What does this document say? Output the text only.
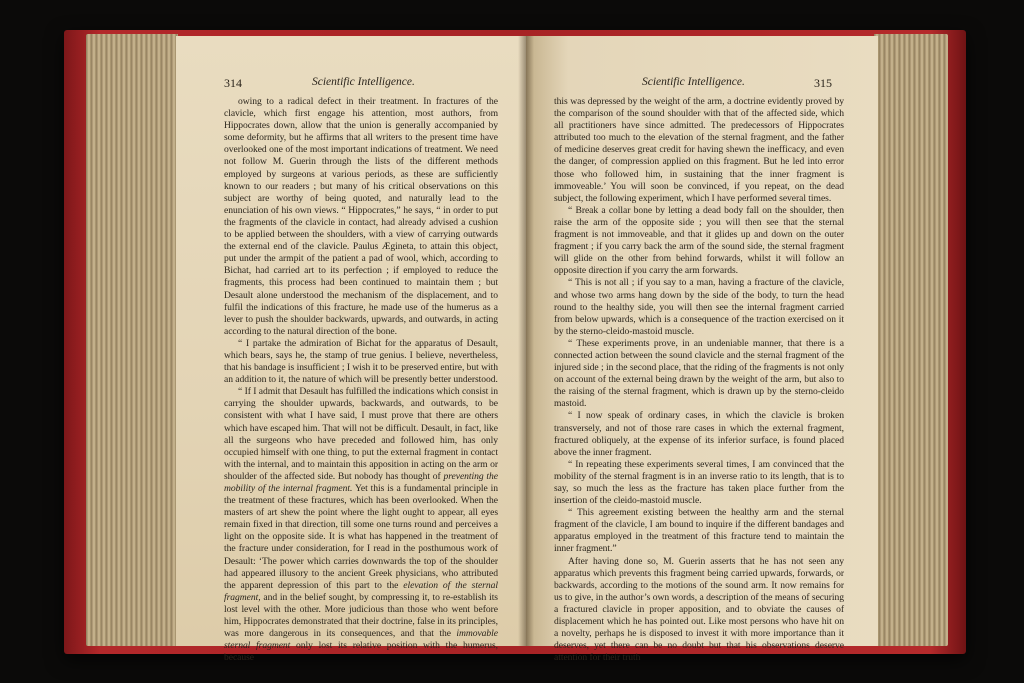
314	Scientific Intelligence.

owing to a radical defect in their treatment. In fractures of the clavicle, which first engage his attention, most authors, from Hippocrates down, allow that the union is generally accompanied by some deformity, but he affirms that all writers to the present time have overlooked one of the most important indications of treatment. We need not follow M. Guerin through the lists of the different methods employed by surgeons at various periods, as these are sufficiently known to our readers ; but many of his critical observations on this subject are worthy of being quoted, and naturally lead to the enunciation of his own views. “ Hippocrates,” he says, “ in order to put the fragments of the clavicle in contact, had already advised a cushion to be applied between the shoulders, with a view of carrying outwards the external end of the clavicle. Paulus Ægineta, to attain this object, put under the armpit of the patient a pad of wool, which, according to Bichat, had carried art to its perfection ; if employed to reduce the fragments, this process had been continued to maintain them ; but Desault alone understood the mechanism of the displacement, and to fulfil the indications of this fracture, he made use of the humerus as a lever to push the shoulder backwards, upwards, and outwards, in acting according to the natural direction of the bone.

“ I partake the admiration of Bichat for the apparatus of Desault, which bears, says he, the stamp of true genius. I believe, nevertheless, that his bandage is insufficient ; I wish it to be preserved entire, but with an addition to it, the nature of which will be presently better understood.

“ If I admit that Desault has fulfilled the indications which consist in carrying the shoulder upwards, backwards, and outwards, to be consistent with what I have said, I must prove that there are others which have escaped him. That will not be difficult. Desault, in fact, like all the surgeons who have preceded and followed him, has only occupied himself with one thing, to put the external fragment in contact with the internal, and to maintain this apposition in acting on the arm or shoulder of the affected side. But nobody has thought of preventing the mobility of the internal fragment. Yet this is a fundamental principle in the treatment of these fractures, which has been overlooked. When the masters of art shew the point where the light ought to appear, all eyes remain fixed in that direction, till some one turns round and perceives a light on the opposite side. It is what has happened in the treatment of the fracture under consideration, for I read in the posthumous work of Desault: ‘The power which carries downwards the top of the shoulder had appeared illusory to the ancient Greek physicians, who attributed the apparent depression of this part to the elevation of the sternal fragment, and in the belief sought, by compressing it, to re-establish its lost level with the other. More judicious than those who went before him, Hippocrates demonstrated that their doctrine, false in its principles, was more dangerous in its consequences, and that the immovable sternal fragment only lost its relative position with the humerus, because

Scientific Intelligence.	315

this was depressed by the weight of the arm, a doctrine evidently proved by the comparison of the sound shoulder with that of the affected side, which all practitioners have since admitted. The predecessors of Hippocrates attributed too much to the elevation of the sternal fragment, and the father of medicine deserves great credit for having shewn the inefficacy, and even the danger, of compression applied on this fragment. But he led into error those who followed him, in sustaining that the inner fragment is immoveable.’ You will soon be convinced, if you repeat, on the dead subject, the following experiment, which I have performed several times.

“ Break a collar bone by letting a dead body fall on the shoulder, then raise the arm of the opposite side ; you will then see that the sternal fragment is not immoveable, and that it glides up and down on the outer fragment ; if you carry back the arm of the sound side, the sternal fragment will glide on the other from behind forwards, whilst it will follow an opposite direction if you carry the arm forwards.

“ This is not all ; if you say to a man, having a fracture of the clavicle, and whose two arms hang down by the side of the body, to turn the head round to the healthy side, you will then see the internal fragment carried from below upwards, which is a consequence of the traction exercised on it by the sterno-cleido-mastoid muscle.

“ These experiments prove, in an undeniable manner, that there is a connected action between the sound clavicle and the sternal fragment of the injured side ; in the second place, that the riding of the fragments is not only on account of the external being drawn by the weight of the arm, but also to the raising of the sternal fragment, which is drawn up by the sterno-cleido mastoid.

“ I now speak of ordinary cases, in which the clavicle is broken transversely, and not of those rare cases in which the external fragment, fractured obliquely, at the expense of its inferior surface, is found placed above the inner fragment.

“ In repeating these experiments several times, I am convinced that the mobility of the sternal fragment is in an inverse ratio to its length, that is to say, so much the less as the fracture has taken place further from the insertion of the cleido-mastoid muscle.

“ This agreement existing between the healthy arm and the sternal fragment of the clavicle, I am bound to inquire if the different bandages and apparatus employed in the treatment of this fracture tend to maintain the inner fragment.”

After having done so, M. Guerin asserts that he has not seen any apparatus which prevents this fragment being carried upwards, forwards, or backwards, according to the motions of the sound arm. It now remains for us to give, in the author’s own words, a description of the means of securing a fractured clavicle in proper apposition, and to obviate the causes of displacement which he has pointed out. Like most persons who have hit on a novelty, perhaps he is disposed to invest it with more importance than it deserves, yet there can be no doubt but that his observations deserve attention for their truth
